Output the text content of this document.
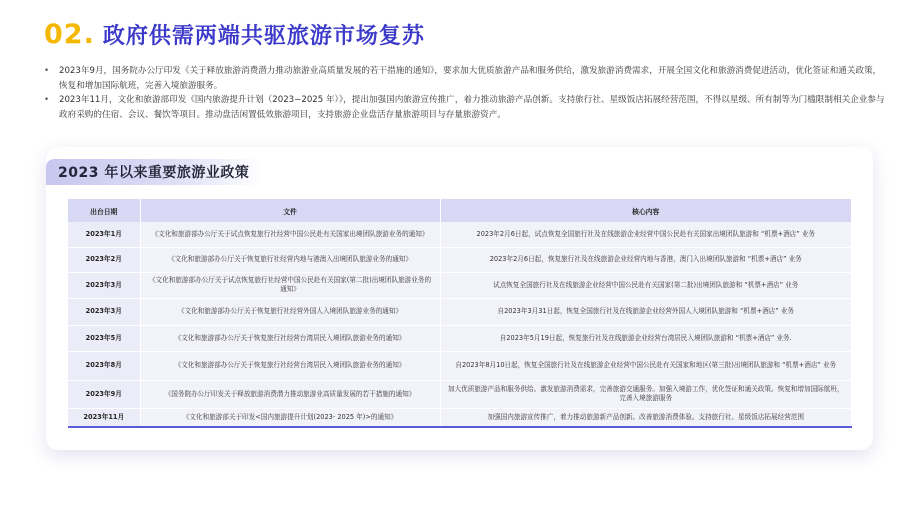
02. 政府供需两端共驱旅游市场复苏
•	2023年9月，国务院办公厅印发《关于释放旅游消费潜力推动旅游业高质量发展的若干措施的通知》，要求加大优质旅游产品和服务供给，激发旅游消费需求，开展全国文化和旅游消费促进活动，优化签证和通关政策，恢复和增加国际航班，完善入境旅游服务。
•	2023年11月，文化和旅游部印发《国内旅游提升计划（2023−2025 年）》，提出加强国内旅游宣传推广，着力推动旅游产品创新。支持旅行社、星级饭店拓展经营范围，不得以星级、所有制等为门槛限制相关企业参与政府采购的住宿、会议、餐饮等项目。推动盘活闲置低效旅游项目，支持旅游企业盘活存量旅游项目与存量旅游资产。
2023 年以来重要旅游业政策
出台日期	文件	核心内容
2023年1月	《文化和旅游部办公厅关于试点恢复旅行社经营中国公民赴有关国家出境团队旅游业务的通知》	2023年2月6日起，试点恢复全国旅行社及在线旅游企业经营中国公民赴有关国家出境团队旅游和 “机票+酒店” 业务
2023年2月	《文化和旅游部办公厅关于恢复旅行社经营内地与港澳入出境团队旅游业务的通知》	2023年2月6日起，恢复旅行社及在线旅游企业经营内地与香港，澳门入出境团队旅游和 “机票+酒店” 业务
2023年3月	《文化和旅游部办公厅关于试点恢复旅行社经营中国公民赴有关国家(第二批)出境团队旅游业务的通知》	试点恢复全国旅行社及在线旅游企业经营中国公民赴有关国家(第二批)出境团队旅游和 “机票+酒店” 业务
2023年3月	《文化和旅游部办公厅关于恢复旅行社经营外国人入境团队旅游业务的通知》	自2023年3月31日起，恢复全国旅行社及在线旅游企业经营外国人入境团队旅游和 “机票+酒店” 业务
2023年5月	《文化和旅游部办公厅关于恢复旅行社经营台湾居民入境团队旅游业务的通知》	自2023年5月19日起，恢复旅行社及在线旅游企业经营台湾居民入境团队旅游和 “机票+酒店” 业务.
2023年8月	《文化和旅游部办公厅关于恢复旅行社经营台湾居民入境团队旅游业务的通知》	自2023年8月10日起，恢复全国旅行社及在线旅游企业经营中国公民赴有关国家和地区(第三批)出境团队旅游和 “机票+酒店” 业务
2023年9月	《国务院办公厅印发关于释放旅游消费潜力推动旅游业高质量发展的若干措施的通知》	加大优质旅游产品和服务供给。激发旅游消费需求，完善旅游交通服务。加强入境游工作，优化签证和通关政策。恢复和增加国际航班，完善入境旅游服务
2023年11月	《文化和旅游部关于印发<国内旅游提升计划(2023- 2025 年)>的通知》	加强国内旅游宣传推广，着力推动旅游新产品创新。改善旅游消费体验。支持旅行社、星级饭店拓展经营范围
